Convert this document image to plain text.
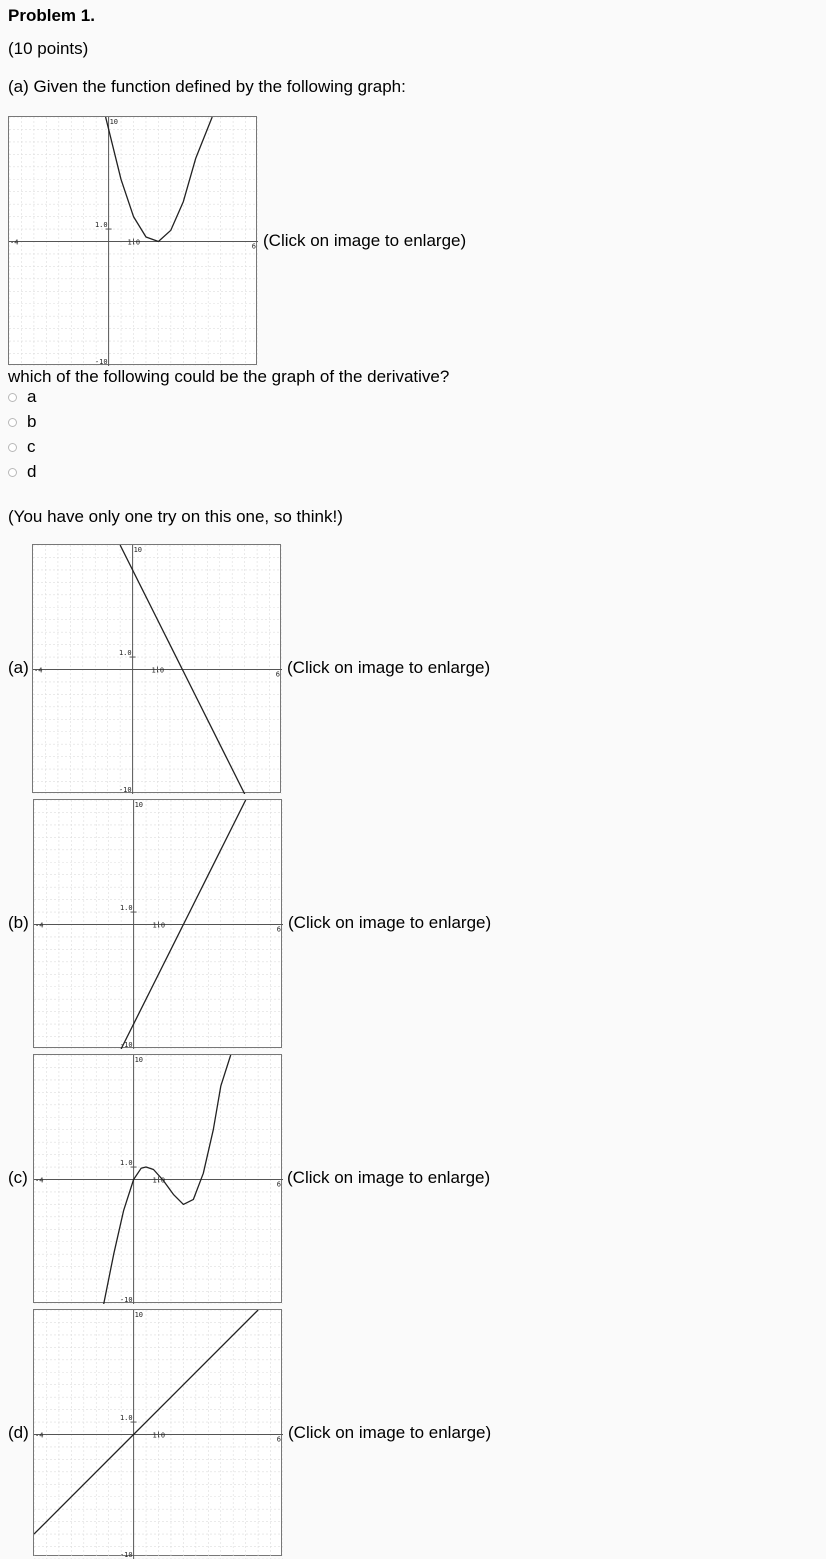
Problem 1.
(10 points)
(a) Given the function defined by the following graph:
10
-10
-4	6
1.0
1.0	(Click on image to enlarge)
which of the following could be the graph of the derivative?
a
b
c
d
(You have only one try on this one, so think!)
(a)
10
-10
-4	6
1.0
1.0	(Click on image to enlarge)
(b)
10
-10
-4	6
1.0
1.0	(Click on image to enlarge)
(c)
10
-10
-4	6
1.0
1.0	(Click on image to enlarge)
(d)
10
-10
-4	6
1.0
1.0	(Click on image to enlarge)
